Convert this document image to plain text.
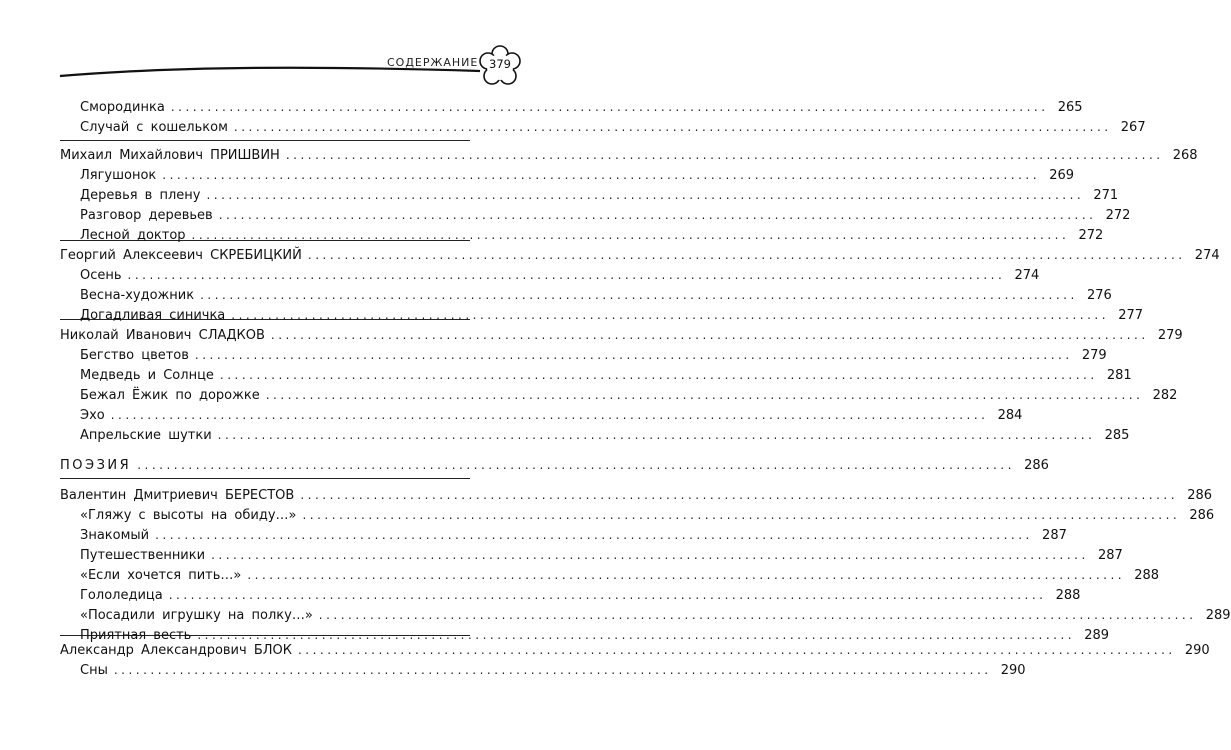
СОДЕРЖАНИЕ 379
Смородинка ........................................................................................................................ 265
Случай с кошельком ........................................................................................................................ 267
Михаил Михайлович ПРИШВИН ........................................................................................................................ 268
Лягушонок ........................................................................................................................ 269
Деревья в плену ........................................................................................................................ 271
Разговор деревьев ........................................................................................................................ 272
Лесной доктор ........................................................................................................................ 272
Георгий Алексеевич СКРЕБИЦКИЙ ........................................................................................................................ 274
Осень ........................................................................................................................ 274
Весна-художник ........................................................................................................................ 276
Догадливая синичка ........................................................................................................................ 277
Николай Иванович СЛАДКОВ ........................................................................................................................ 279
Бегство цветов ........................................................................................................................ 279
Медведь и Солнце ........................................................................................................................ 281
Бежал Ёжик по дорожке ........................................................................................................................ 282
Эхо ........................................................................................................................ 284
Апрельские шутки ........................................................................................................................ 285
ПОЭЗИЯ ........................................................................................................................ 286
Валентин Дмитриевич БЕРЕСТОВ ........................................................................................................................ 286
«Гляжу с высоты на обиду…» ........................................................................................................................ 286
Знакомый ........................................................................................................................ 287
Путешественники ........................................................................................................................ 287
«Если хочется пить…» ........................................................................................................................ 288
Гололедица ........................................................................................................................ 288
«Посадили игрушку на полку…» ........................................................................................................................ 289
Приятная весть ........................................................................................................................ 289
Александр Александрович БЛОК ........................................................................................................................ 290
Сны ........................................................................................................................ 290
